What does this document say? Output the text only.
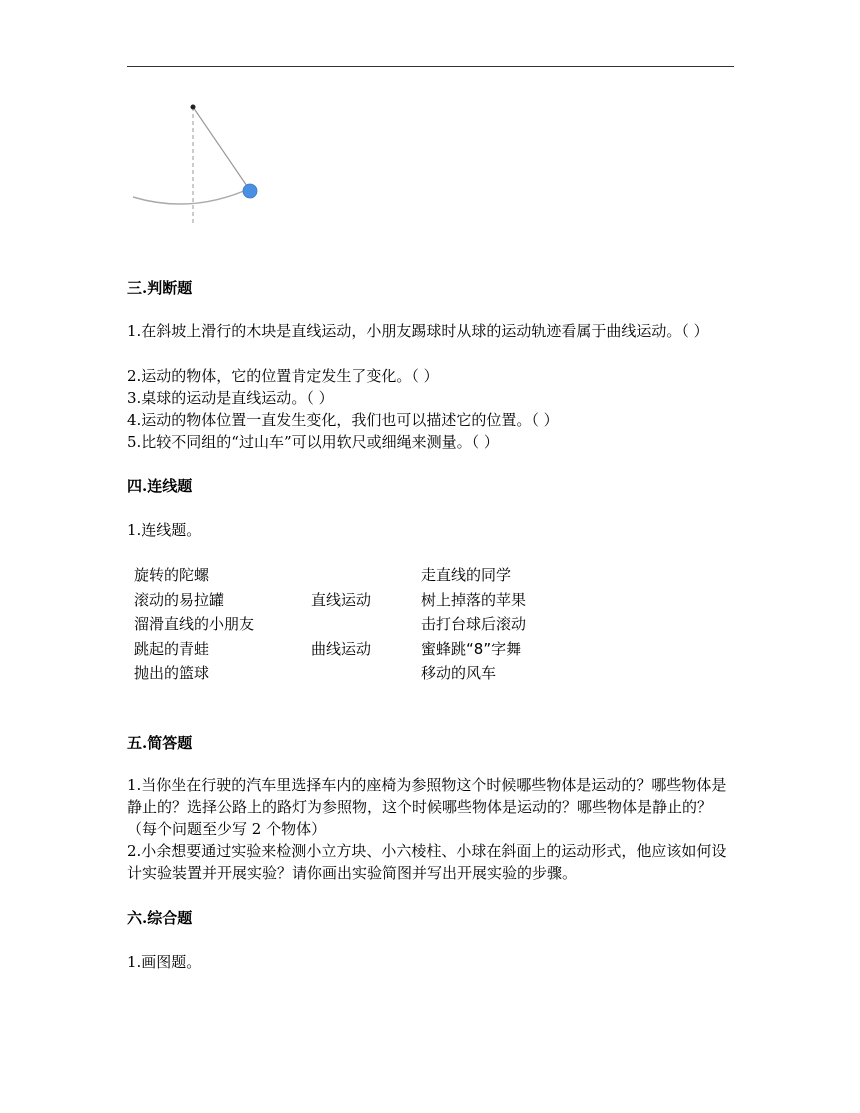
三.判断题
1.在斜坡上滑行的木块是直线运动，小朋友踢球时从球的运动轨迹看属于曲线运动。（ ）
2.运动的物体，它的位置肯定发生了变化。（ ）
3.桌球的运动是直线运动。（ ）
4.运动的物体位置一直发生变化，我们也可以描述它的位置。（ ）
5.比较不同组的“过山车”可以用软尺或细绳来测量。（ ）
四.连线题
1.连线题。
旋转的陀螺
滚动的易拉罐
溜滑直线的小朋友
跳起的青蛙
抛出的篮球
直线运动
曲线运动
走直线的同学
树上掉落的苹果
击打台球后滚动
蜜蜂跳“8”字舞
移动的风车
五.简答题
1.当你坐在行驶的汽车里选择车内的座椅为参照物这个时候哪些物体是运动的？哪些物体是静止的？选择公路上的路灯为参照物，这个时候哪些物体是运动的？哪些物体是静止的？（每个问题至少写 2 个物体）
2.小余想要通过实验来检测小立方块、小六棱柱、小球在斜面上的运动形式，他应该如何设计实验装置并开展实验？请你画出实验简图并写出开展实验的步骤。
六.综合题
1.画图题。
